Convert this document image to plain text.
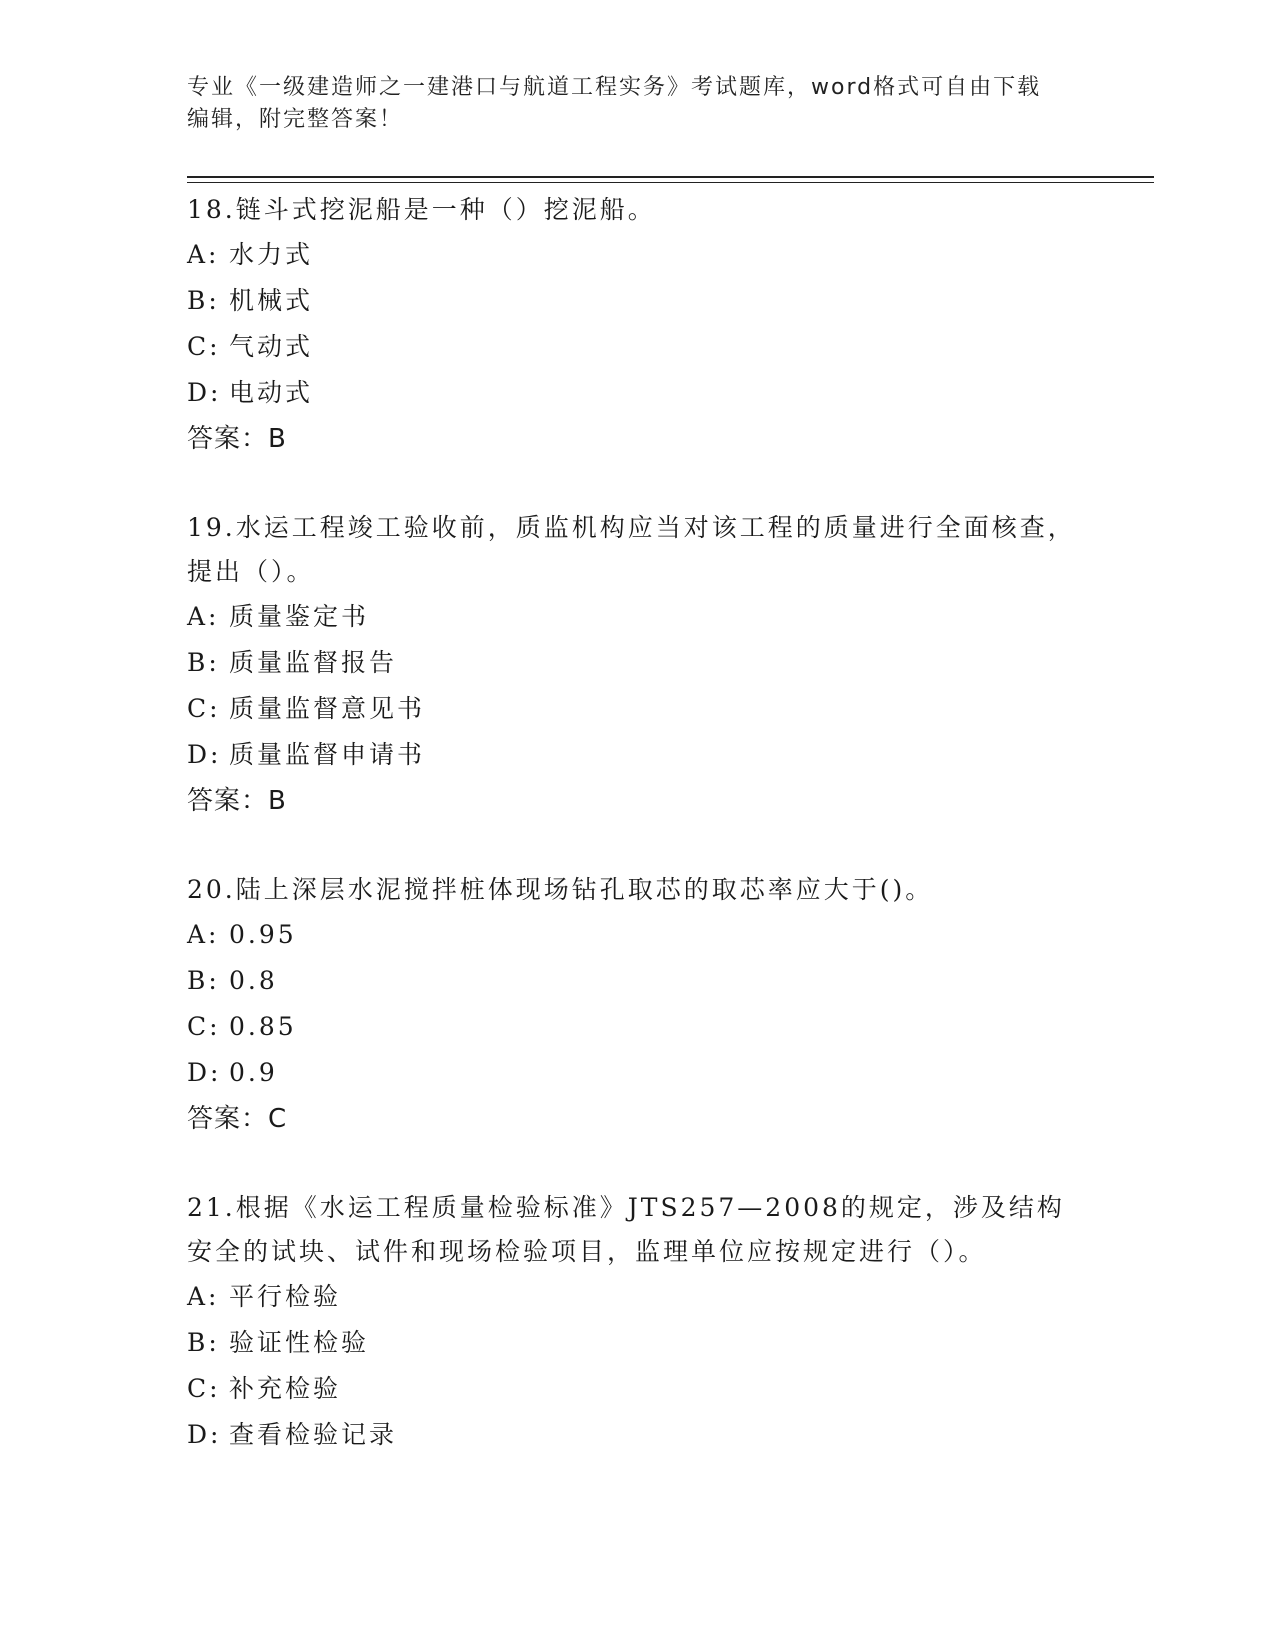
专业《一级建造师之一建港口与航道工程实务》考试题库，word格式可自由下载
编辑，附完整答案！
18.链斗式挖泥船是一种（）挖泥船。
A: 水力式
B: 机械式
C: 气动式
D: 电动式
答案：B
19.水运工程竣工验收前，质监机构应当对该工程的质量进行全面核查，提出（）。
A: 质量鉴定书
B: 质量监督报告
C: 质量监督意见书
D: 质量监督申请书
答案：B
20.陆上深层水泥搅拌桩体现场钻孔取芯的取芯率应大于()。
A: 0.95
B: 0.8
C: 0.85
D: 0.9
答案：C
21.根据《水运工程质量检验标准》JTS257—2008的规定，涉及结构安全的试块、试件和现场检验项目，监理单位应按规定进行（）。
A: 平行检验
B: 验证性检验
C: 补充检验
D: 查看检验记录
